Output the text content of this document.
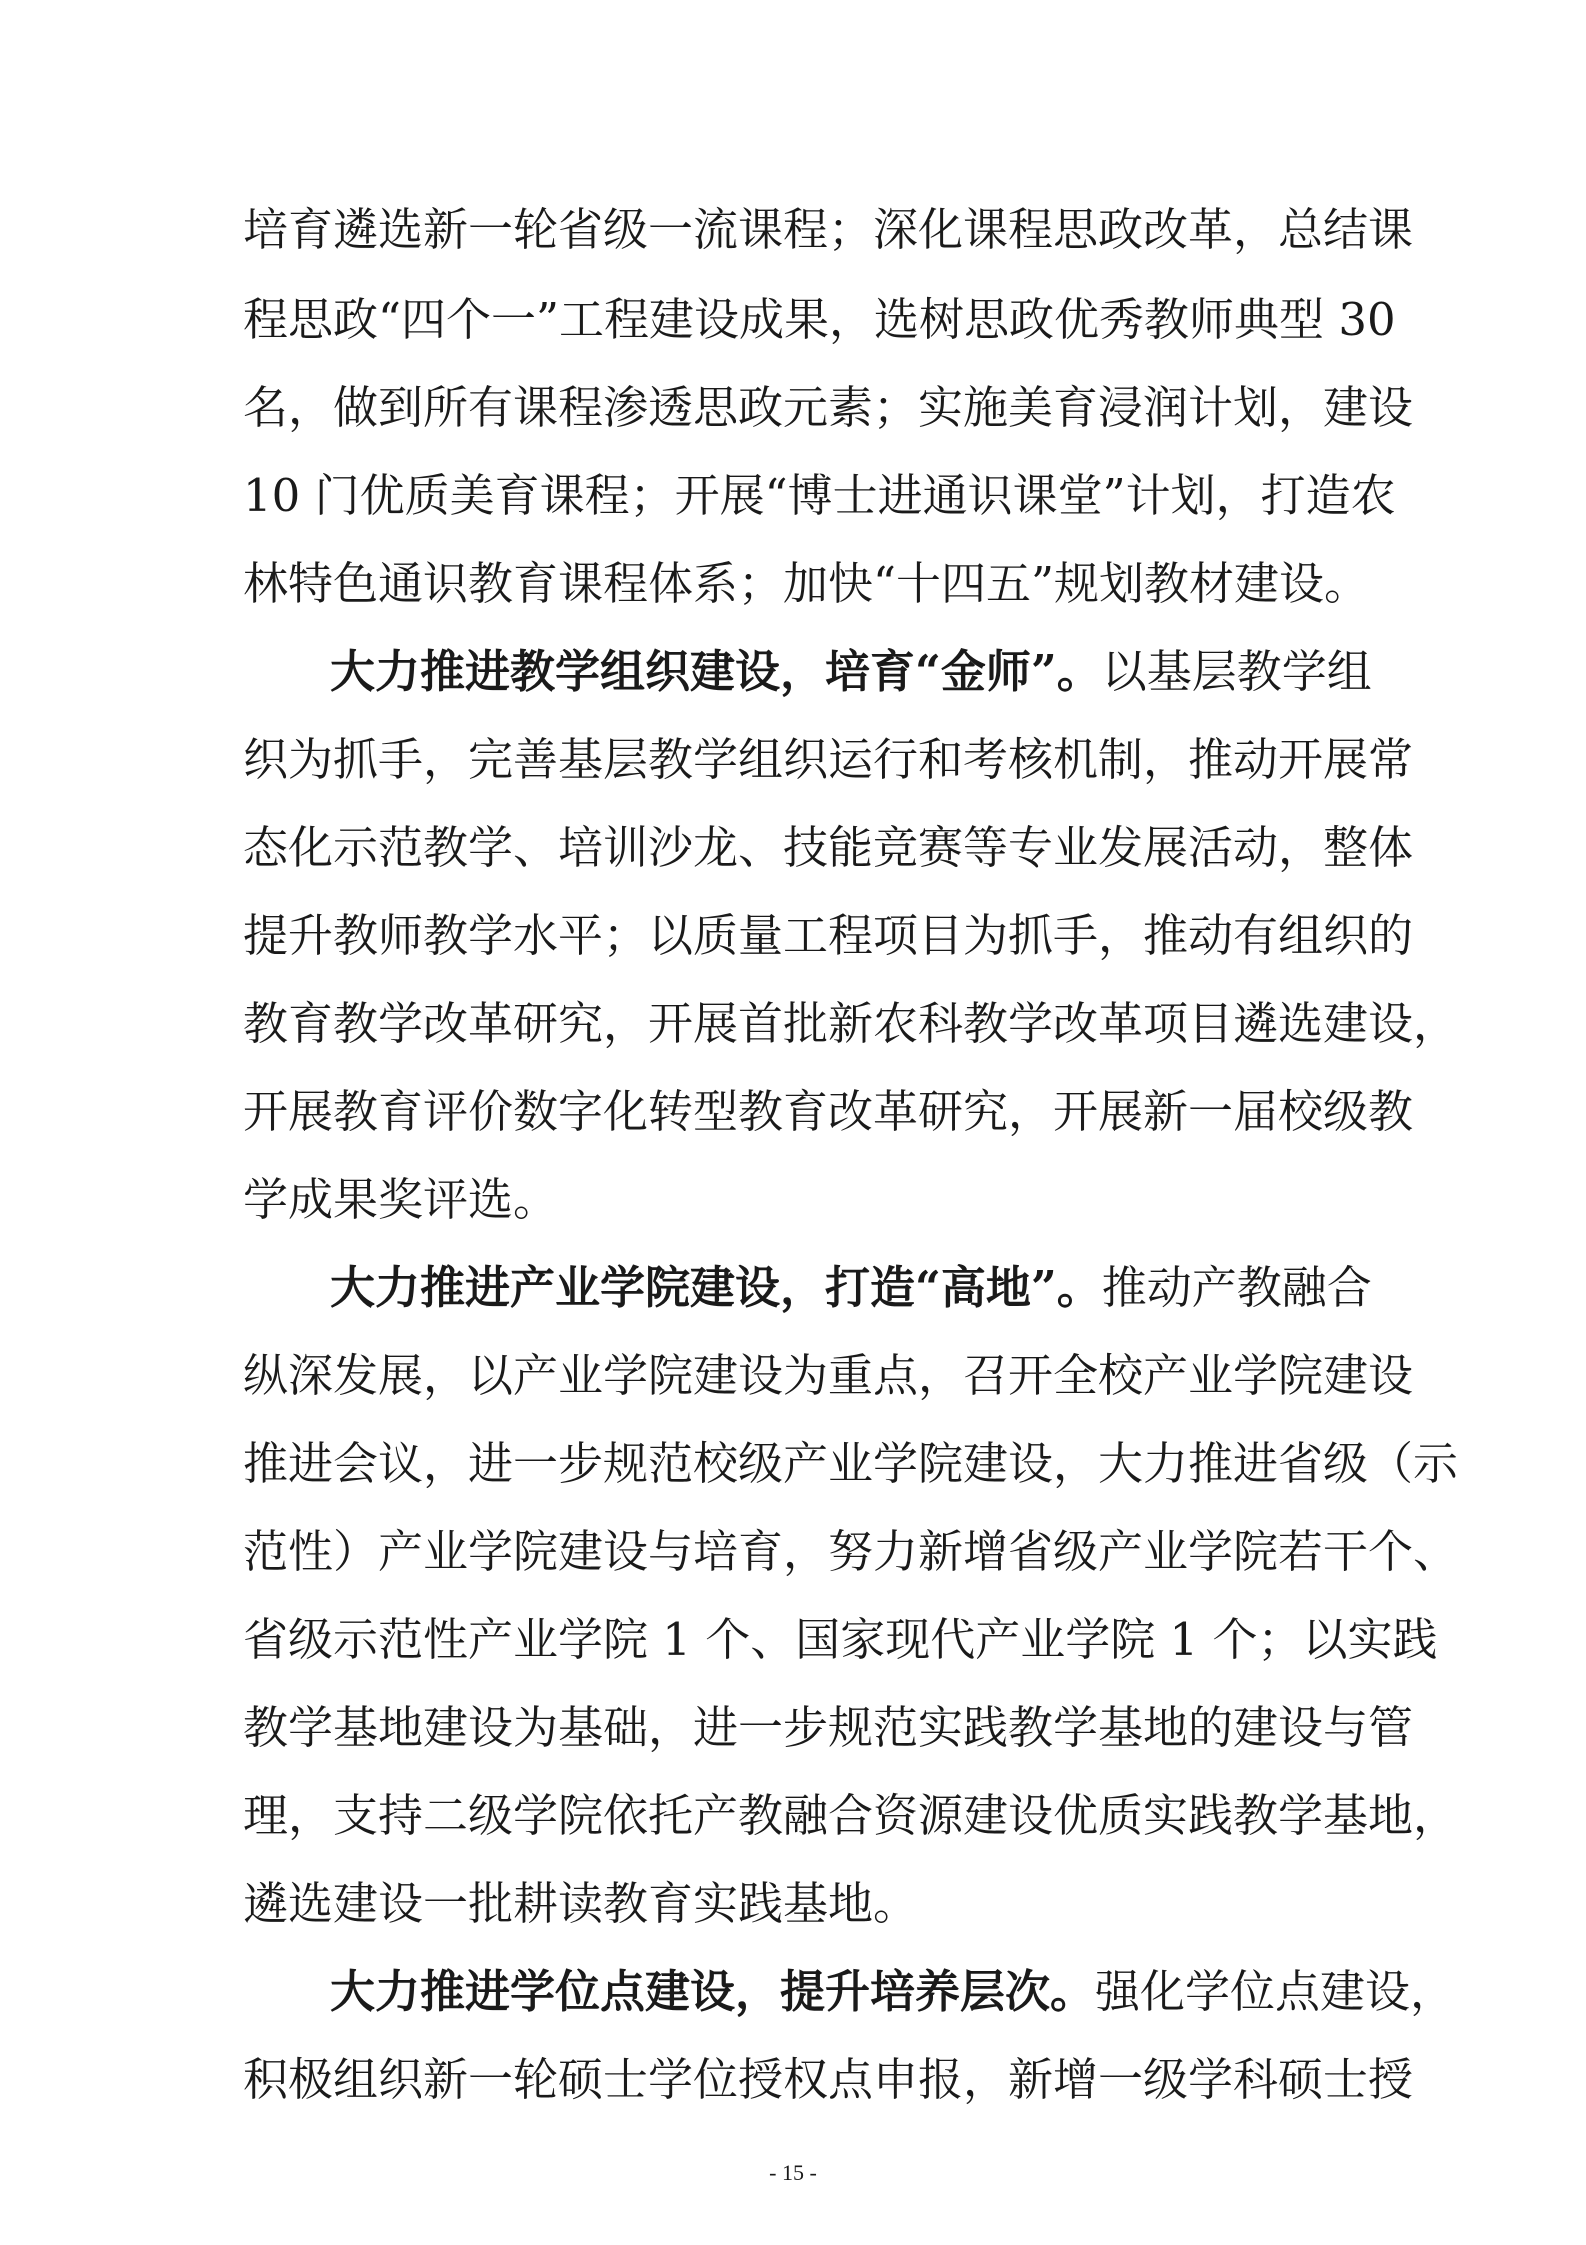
培育遴选新一轮省级一流课程；深化课程思政改革，总结课
程思政“四个一”工程建设成果，选树思政优秀教师典型 30
名，做到所有课程渗透思政元素；实施美育浸润计划，建设
10 门优质美育课程；开展“博士进通识课堂”计划，打造农
林特色通识教育课程体系；加快“十四五”规划教材建设。
大力推进教学组织建设，培育“金师”。以基层教学组
织为抓手，完善基层教学组织运行和考核机制，推动开展常
态化示范教学、培训沙龙、技能竞赛等专业发展活动，整体
提升教师教学水平；以质量工程项目为抓手，推动有组织的
教育教学改革研究，开展首批新农科教学改革项目遴选建设，
开展教育评价数字化转型教育改革研究，开展新一届校级教
学成果奖评选。
大力推进产业学院建设，打造“高地”。推动产教融合
纵深发展，以产业学院建设为重点，召开全校产业学院建设
推进会议，进一步规范校级产业学院建设，大力推进省级（示
范性）产业学院建设与培育，努力新增省级产业学院若干个、
省级示范性产业学院 1 个、国家现代产业学院 1 个；以实践
教学基地建设为基础，进一步规范实践教学基地的建设与管
理，支持二级学院依托产教融合资源建设优质实践教学基地，
遴选建设一批耕读教育实践基地。
大力推进学位点建设，提升培养层次。强化学位点建设，
积极组织新一轮硕士学位授权点申报，新增一级学科硕士授
- 15 -
